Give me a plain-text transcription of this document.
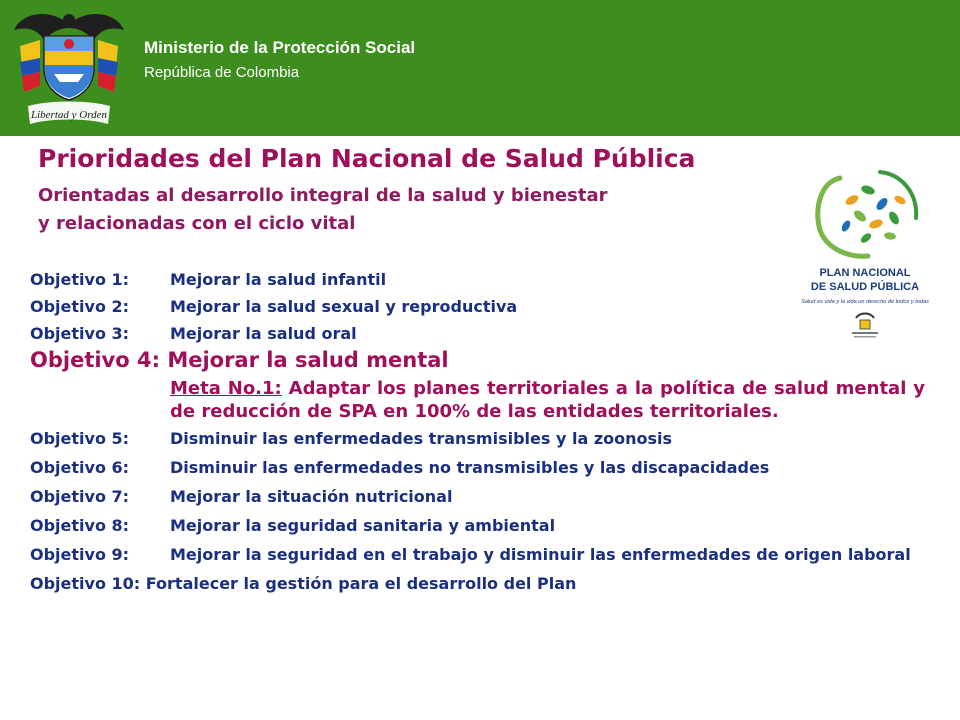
Libertad y Orden
Ministerio de la Protección Social
República de Colombia
Prioridades del Plan Nacional de Salud Pública
Orientadas al desarrollo integral de la salud y bienestar
y relacionadas con el ciclo vital
PLAN NACIONAL
DE SALUD PÚBLICA
Salud es vida y la vida un derecho de todos y todas
Objetivo 1:	Mejorar la salud infantil
Objetivo 2:	Mejorar la salud sexual y reproductiva
Objetivo 3:	Mejorar la salud oral
Objetivo 4: Mejorar la salud mental
Meta No.1: Adaptar los planes territoriales a la política de salud mental y de reducción de SPA en 100% de las entidades territoriales.
Objetivo 5:	Disminuir las enfermedades transmisibles y la zoonosis
Objetivo 6:	Disminuir las enfermedades no transmisibles y las discapacidades
Objetivo 7:	Mejorar la situación nutricional
Objetivo 8:	Mejorar la seguridad sanitaria y ambiental
Objetivo 9:	Mejorar la seguridad en el trabajo y disminuir las enfermedades de origen laboral
Objetivo 10: Fortalecer la gestión para el desarrollo del Plan
